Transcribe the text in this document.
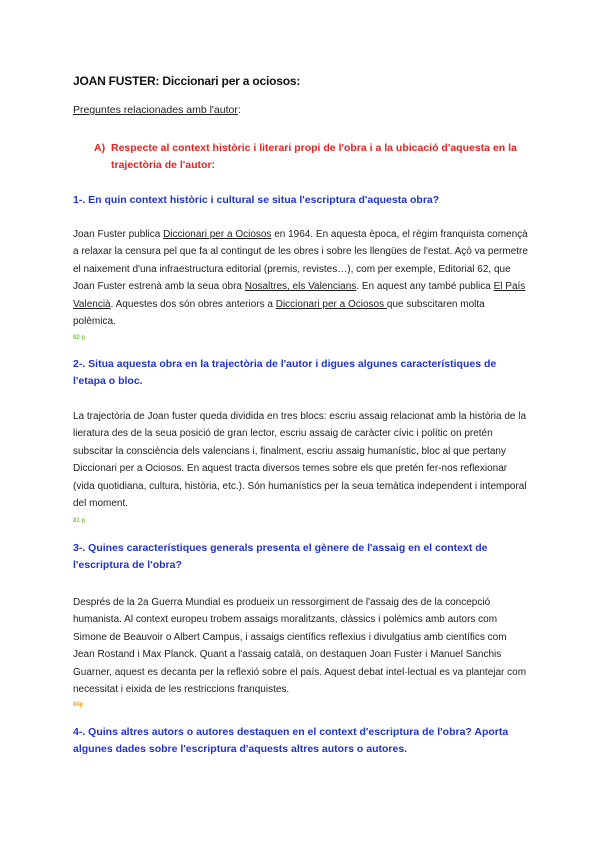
JOAN FUSTER: Diccionari per a ociosos:
Preguntes relacionades amb l'autor:
A) Respecte al context històric i literari propi de l'obra i a la ubicació d'aquesta en la trajectòria de l'autor:
1-. En quin context històric i cultural se situa l'escriptura d'aquesta obra?
Joan Fuster publica Diccionari per a Ociosos en 1964. En aquesta època, el règim franquista començà a relaxar la censura pel que fa al contingut de les obres i sobre les llengües de l'estat. Açò va permetre el naixement d'una infraestructura editorial (premis, revistes…), com per exemple, Editorial 62, que Joan Fuster estrenà amb la seua obra Nosaltres, els Valencians. En aquest any també publica El País Valencià. Aquestes dos són obres anteriors a Diccionari per a Ociosos que subscitaren molta polèmica.
82 p
2-. Situa aquesta obra en la trajectòria de l'autor i digues algunes característiques de l'etapa o bloc.
La trajectòria de Joan fuster queda dividida en tres blocs: escriu assaig relacionat amb la història de la lieratura des de la seua posició de gran lector, escriu assaig de caràcter cívic i polític on pretén subscitar la consciència dels valencians i, finalment, escriu assaig humanístic, bloc al que pertany Diccionari per a Ociosos. En aquest tracta diversos temes sobre els que pretén fer-nos reflexionar (vida quotidiana, cultura, història, etc.). Són humanístics per la seua temàtica independent i intemporal del moment.
81 p
3-. Quines característiques generals presenta el gènere de l'assaig en el context de l'escriptura de l'obra?
Després de la 2a Guerra Mundial es produeix un ressorgiment de l'assaig des de la concepció humanista. Al context europeu trobem assaigs moralitzants, clàssics i polèmics amb autors com Simone de Beauvoir o Albert Campus, i assaigs científics reflexius i divulgatius amb científics com Jean Rostand i Max Planck. Quant a l'assaig català, on destaquen Joan Fuster i Manuel Sanchis Guarner, aquest es decanta per la reflexió sobre el país. Aquest debat intel·lectual es va plantejar com necessitat i eixida de les restriccions franquistes.
84p
4-. Quins altres autors o autores destaquen en el context d'escriptura de l'obra? Aporta algunes dades sobre l'escriptura d'aquests altres autors o autores.
